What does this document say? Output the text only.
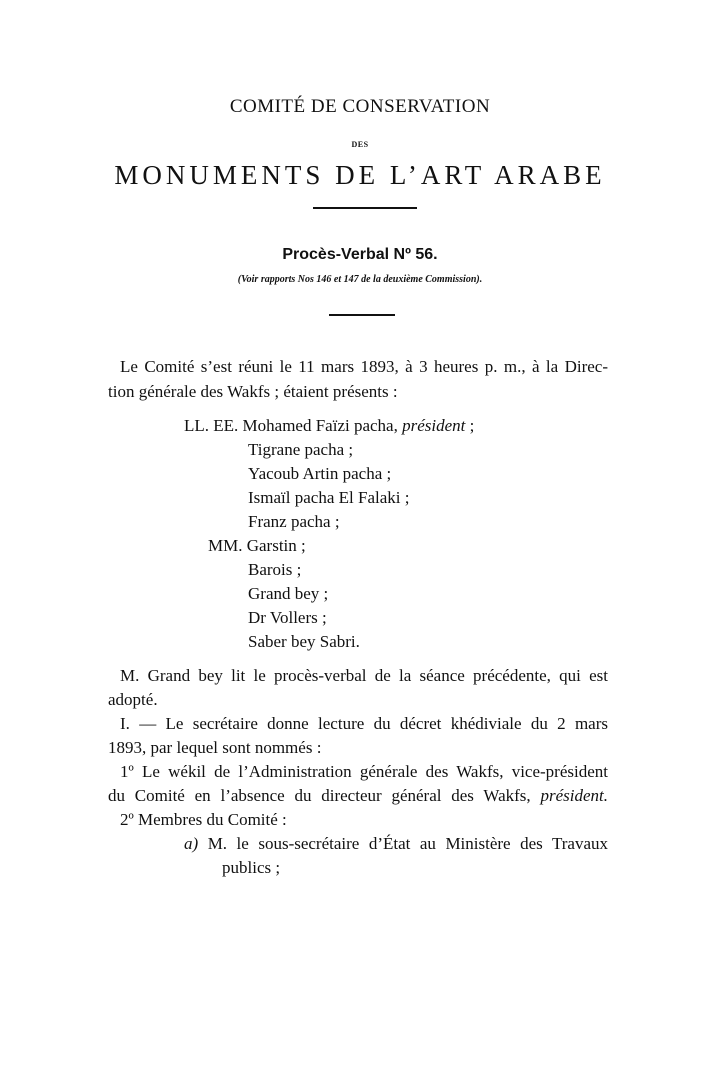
COMITÉ DE CONSERVATION
DES
MONUMENTS DE L’ART ARABE
Procès-Verbal Nº 56.
(Voir rapports Nos 146 et 147 de la deuxième Commission).
Le Comité s’est réuni le 11 mars 1893, à 3 heures p. m., à la Direc-
tion générale des Wakfs ; étaient présents :
LL. EE. Mohamed Faïzi pacha, président ;
Tigrane pacha ;
Yacoub Artin pacha ;
Ismaïl pacha El Falaki ;
Franz pacha ;
MM. Garstin ;
Barois ;
Grand bey ;
Dr Vollers ;
Saber bey Sabri.
M. Grand bey lit le procès-verbal de la séance précédente, qui est
adopté.
I. — Le secrétaire donne lecture du décret khédiviale du 2 mars
1893, par lequel sont nommés :
1º Le wékil de l’Administration générale des Wakfs, vice-président
du Comité en l’absence du directeur général des Wakfs, président.
2º Membres du Comité :
a) M. le sous-secrétaire d’État au Ministère des Travaux
publics ;
